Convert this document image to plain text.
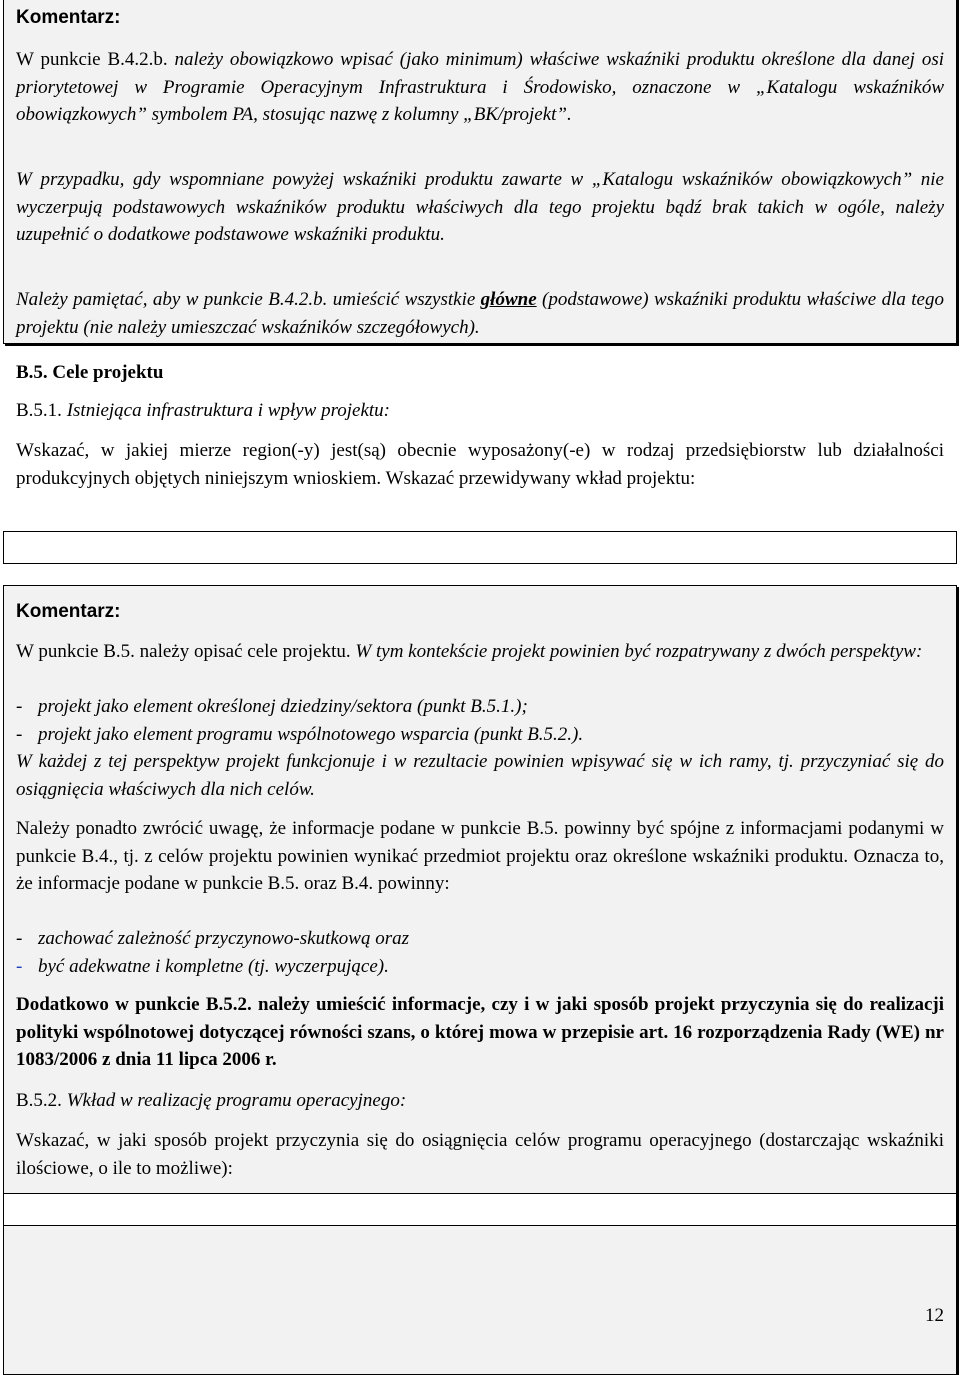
Komentarz:

W punkcie B.4.2.b. należy obowiązkowo wpisać (jako minimum) właściwe wskaźniki produktu określone dla danej osi priorytetowej w Programie Operacyjnym Infrastruktura i Środowisko, oznaczone w „Katalogu wskaźników obowiązkowych” symbolem PA, stosując nazwę z kolumny „BK/projekt”.

W przypadku, gdy wspomniane powyżej wskaźniki produktu zawarte w „Katalogu wskaźników obowiązkowych” nie wyczerpują podstawowych wskaźników produktu właściwych dla tego projektu bądź brak takich w ogóle, należy uzupełnić o dodatkowe podstawowe wskaźniki produktu.

Należy pamiętać, aby w punkcie B.4.2.b. umieścić wszystkie główne (podstawowe) wskaźniki produktu właściwe dla tego projektu (nie należy umieszczać wskaźników szczegółowych).

B.5. Cele projektu

B.5.1. Istniejąca infrastruktura i wpływ projektu:

Wskazać, w jakiej mierze region(-y) jest(są) obecnie wyposażony(-e) w rodzaj przedsiębiorstw lub działalności produkcyjnych objętych niniejszym wnioskiem. Wskazać przewidywany wkład projektu:

Komentarz:

W punkcie B.5. należy opisać cele projektu. W tym kontekście projekt powinien być rozpatrywany z dwóch perspektyw:

- projekt jako element określonej dziedziny/sektora (punkt B.5.1.);
- projekt jako element programu wspólnotowego wsparcia (punkt B.5.2.).

W każdej z tej perspektyw projekt funkcjonuje i w rezultacie powinien wpisywać się w ich ramy, tj. przyczyniać się do osiągnięcia właściwych dla nich celów.

Należy ponadto zwrócić uwagę, że informacje podane w punkcie B.5. powinny być spójne z informacjami podanymi w punkcie B.4., tj. z celów projektu powinien wynikać przedmiot projektu oraz określone wskaźniki produktu. Oznacza to, że informacje podane w punkcie B.5. oraz B.4. powinny:

- zachować zależność przyczynowo-skutkową oraz
- być adekwatne i kompletne (tj. wyczerpujące).

Dodatkowo w punkcie B.5.2. należy umieścić informacje, czy i w jaki sposób projekt przyczynia się do realizacji polityki wspólnotowej dotyczącej równości szans, o której mowa w przepisie art. 16 rozporządzenia Rady (WE) nr 1083/2006 z dnia 11 lipca 2006 r.

B.5.2. Wkład w realizację programu operacyjnego:

Wskazać, w jaki sposób projekt przyczynia się do osiągnięcia celów programu operacyjnego (dostarczając wskaźniki ilościowe, o ile to możliwe):

12
